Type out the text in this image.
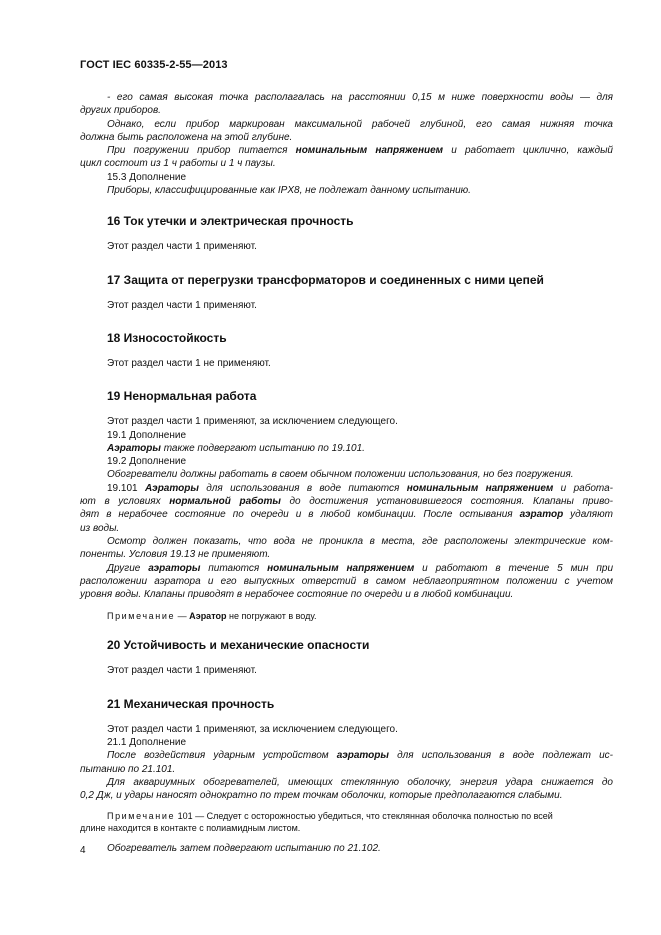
ГОСТ IEC 60335-2-55—2013
- его самая высокая точка располагалась на расстоянии 0,15 м ниже поверхности воды — для
других приборов.
Однако, если прибор маркирован максимальной рабочей глубиной, его самая нижняя точка
должна быть расположена на этой глубине.
При погружении прибор питается номинальным напряжением и работает циклично, каждый
цикл состоит из 1 ч работы и 1 ч паузы.
15.3 Дополнение
Приборы, классифицированные как IPX8, не подлежат данному испытанию.
16 Ток утечки и электрическая прочность
Этот раздел части 1 применяют.
17 Защита от перегрузки трансформаторов и соединенных с ними цепей
Этот раздел части 1 применяют.
18 Износостойкость
Этот раздел части 1 не применяют.
19 Ненормальная работа
Этот раздел части 1 применяют, за исключением следующего.
19.1 Дополнение
Аэраторы также подвергают испытанию по 19.101.
19.2 Дополнение
Обогреватели должны работать в своем обычном положении использования, но без погружения.
19.101 Аэраторы для использования в воде питаются номинальным напряжением и работа-
ют в условиях нормальной работы до достижения установившегося состояния. Клапаны приво-
дят в нерабочее состояние по очереди и в любой комбинации. После остывания аэратор удаляют
из воды.
Осмотр должен показать, что вода не проникла в места, где расположены электрические ком-
поненты. Условия 19.13 не применяют.
Другие аэраторы питаются номинальным напряжением и работают в течение 5 мин при
расположении аэратора и его выпускных отверстий в самом неблагоприятном положении с учетом
уровня воды. Клапаны приводят в нерабочее состояние по очереди и в любой комбинации.
Примечание — Аэратор не погружают в воду.
20 Устойчивость и механические опасности
Этот раздел части 1 применяют.
21 Механическая прочность
Этот раздел части 1 применяют, за исключением следующего.
21.1 Дополнение
После воздействия ударным устройством аэраторы для использования в воде подлежат ис-
пытанию по 21.101.
Для аквариумных обогревателей, имеющих стеклянную оболочку, энергия удара снижается до
0,2 Дж, и удары наносят однократно по трем точкам оболочки, которые предполагаются слабыми.
Примечание 101 — Следует с осторожностью убедиться, что стеклянная оболочка полностью по всей
длине находится в контакте с полиамидным листом.
Обогреватель затем подвергают испытанию по 21.102.
4
